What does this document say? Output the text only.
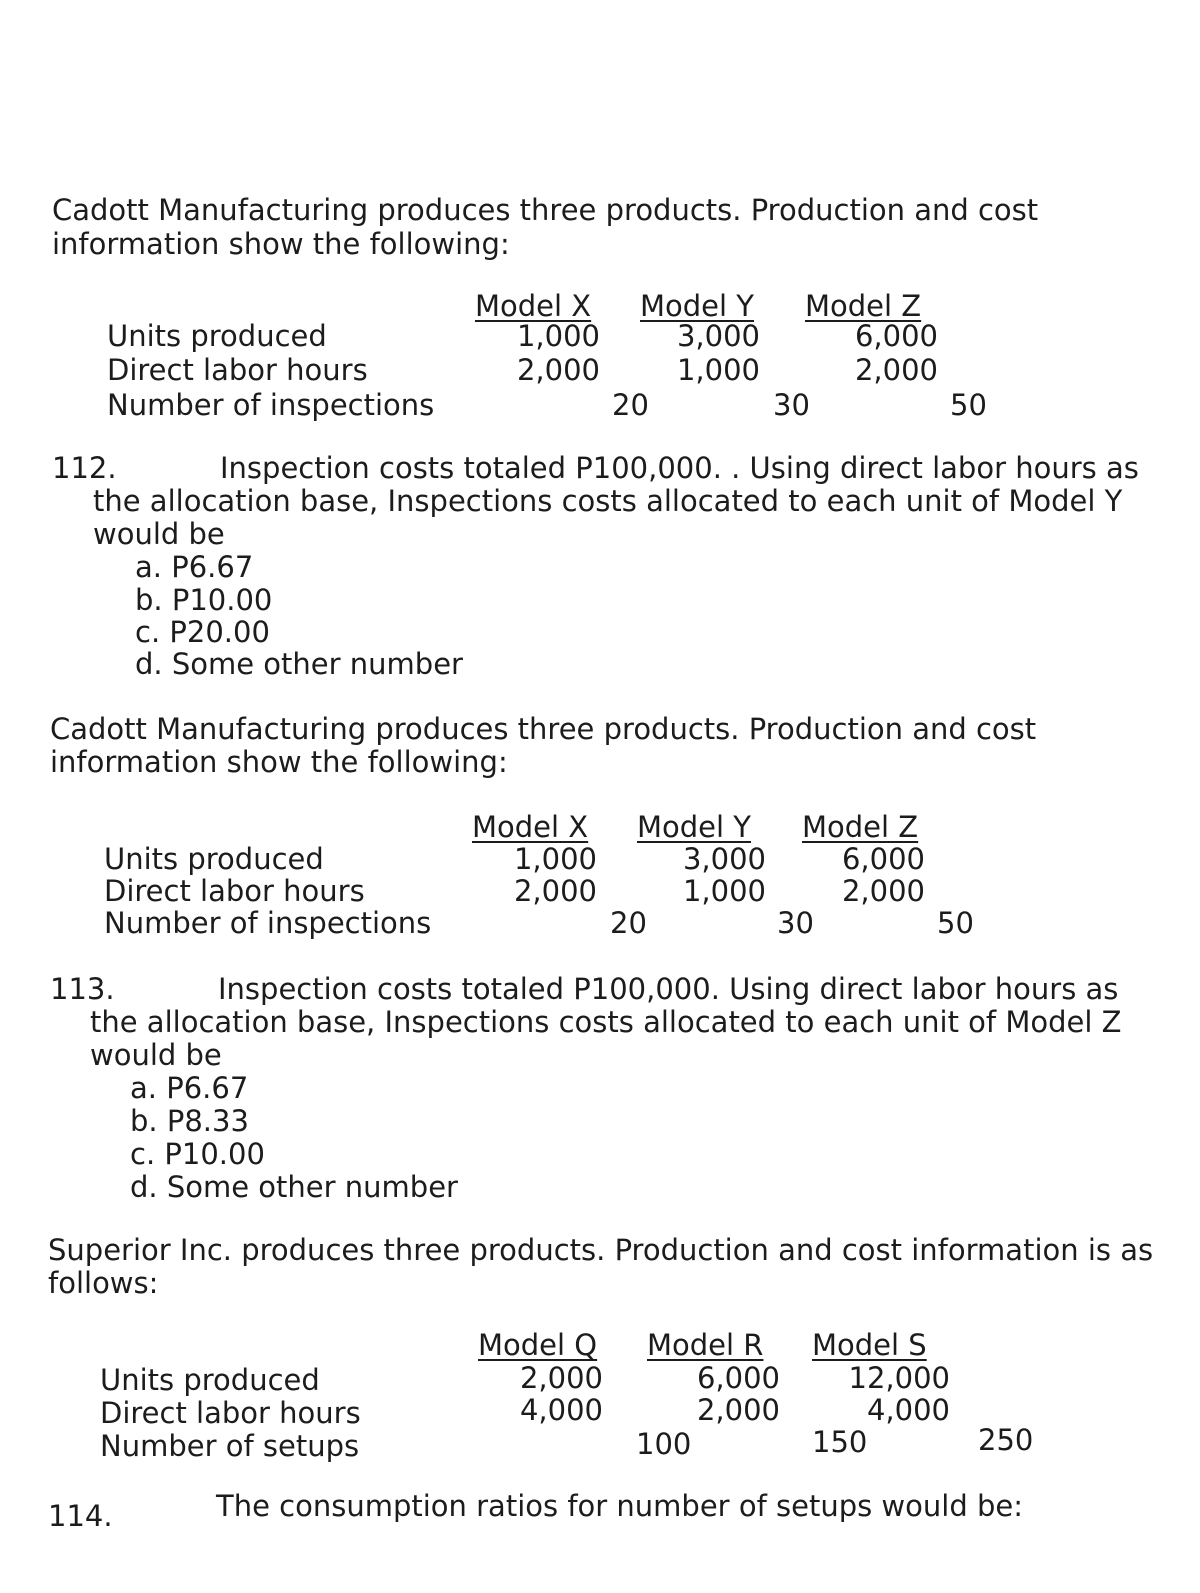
Cadott Manufacturing produces three products. Production and cost
information show the following:
Model X Model Y Model Z
Units produced	1,000	3,000	6,000
Direct labor hours	2,000	1,000	2,000
Number of inspections	20	30	50
112.	Inspection costs totaled P100,000. . Using direct labor hours as
the allocation base, Inspections costs allocated to each unit of Model Y
would be
a. P6.67
b. P10.00
c. P20.00
d. Some other number
Cadott Manufacturing produces three products. Production and cost
information show the following:
Model X Model Y Model Z
Units produced	1,000	3,000	6,000
Direct labor hours	2,000	1,000	2,000
Number of inspections	20	30	50
113.	Inspection costs totaled P100,000. Using direct labor hours as
the allocation base, Inspections costs allocated to each unit of Model Z
would be
a. P6.67
b. P8.33
c. P10.00
d. Some other number
Superior Inc. produces three products. Production and cost information is as
follows:
Model Q Model R Model S
Units produced	2,000	6,000	12,000
Direct labor hours	4,000	2,000	4,000
Number of setups	100	150	250
114.	The consumption ratios for number of setups would be:
